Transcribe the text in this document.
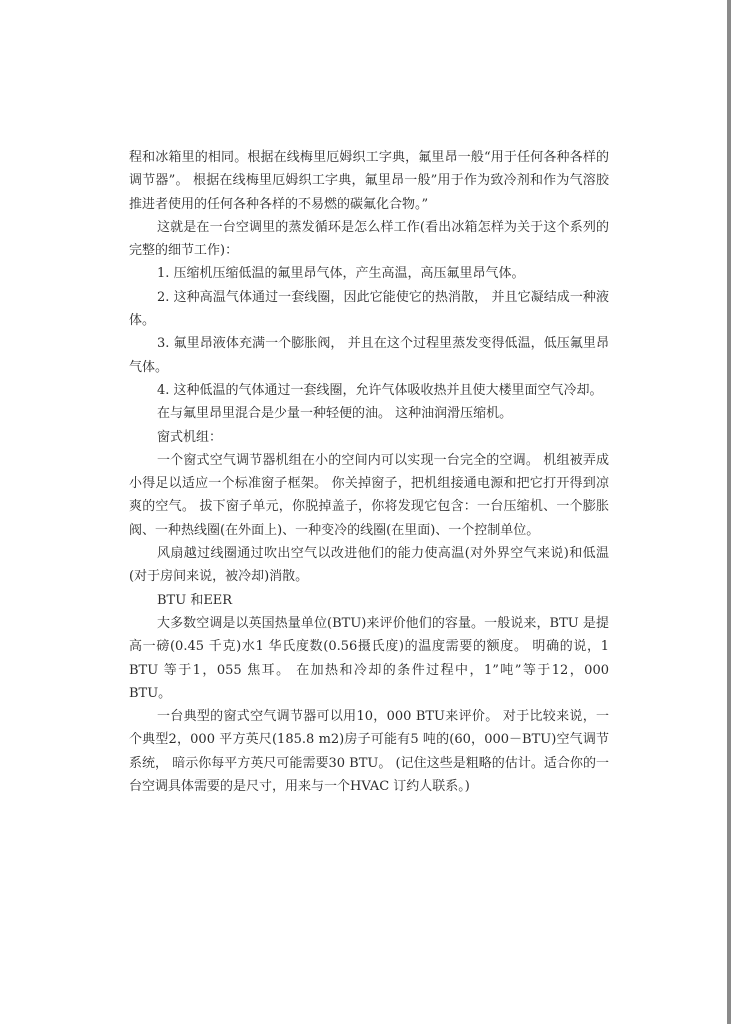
程和冰箱里的相同。根据在线梅里厄姆织工字典，氟里昂一般“用于任何各种各样的调节器”。 根据在线梅里厄姆织工字典，氟里昂一般”用于作为致冷剂和作为气溶胶推进者使用的任何各种各样的不易燃的碳氟化合物。”

这就是在一台空调里的蒸发循环是怎么样工作(看出冰箱怎样为关于这个系列的完整的细节工作)：

1. 压缩机压缩低温的氟里昂气体，产生高温，高压氟里昂气体。

2. 这种高温气体通过一套线圈，因此它能使它的热消散， 并且它凝结成一种液体。

3. 氟里昂液体充满一个膨胀阀， 并且在这个过程里蒸发变得低温，低压氟里昂气体。

4. 这种低温的气体通过一套线圈，允许气体吸收热并且使大楼里面空气冷却。

在与氟里昂里混合是少量一种轻便的油。 这种油润滑压缩机。

窗式机组：

一个窗式空气调节器机组在小的空间内可以实现一台完全的空调。 机组被弄成小得足以适应一个标准窗子框架。 你关掉窗子，把机组接通电源和把它打开得到凉爽的空气。 拔下窗子单元，你脱掉盖子，你将发现它包含：一台压缩机、一个膨胀阀、一种热线圈(在外面上)、一种变冷的线圈(在里面)、一个控制单位。

风扇越过线圈通过吹出空气以改进他们的能力使高温(对外界空气来说)和低温(对于房间来说，被冷却)消散。

BTU 和EER

大多数空调是以英国热量单位(BTU)来评价他们的容量。一般说来，BTU 是提高一磅(0.45 千克)水1 华氏度数(0.56摄氏度)的温度需要的额度。 明确的说，1 BTU 等于1，055 焦耳。 在加热和冷却的条件过程中，1”吨”等于12，000 BTU。

一台典型的窗式空气调节器可以用10，000 BTU来评价。 对于比较来说，一个典型2，000 平方英尺(185.8 m2)房子可能有5 吨的(60，000－BTU)空气调节系统， 暗示你每平方英尺可能需要30 BTU。 (记住这些是粗略的估计。适合你的一台空调具体需要的是尺寸，用来与一个HVAC 订约人联系。)
